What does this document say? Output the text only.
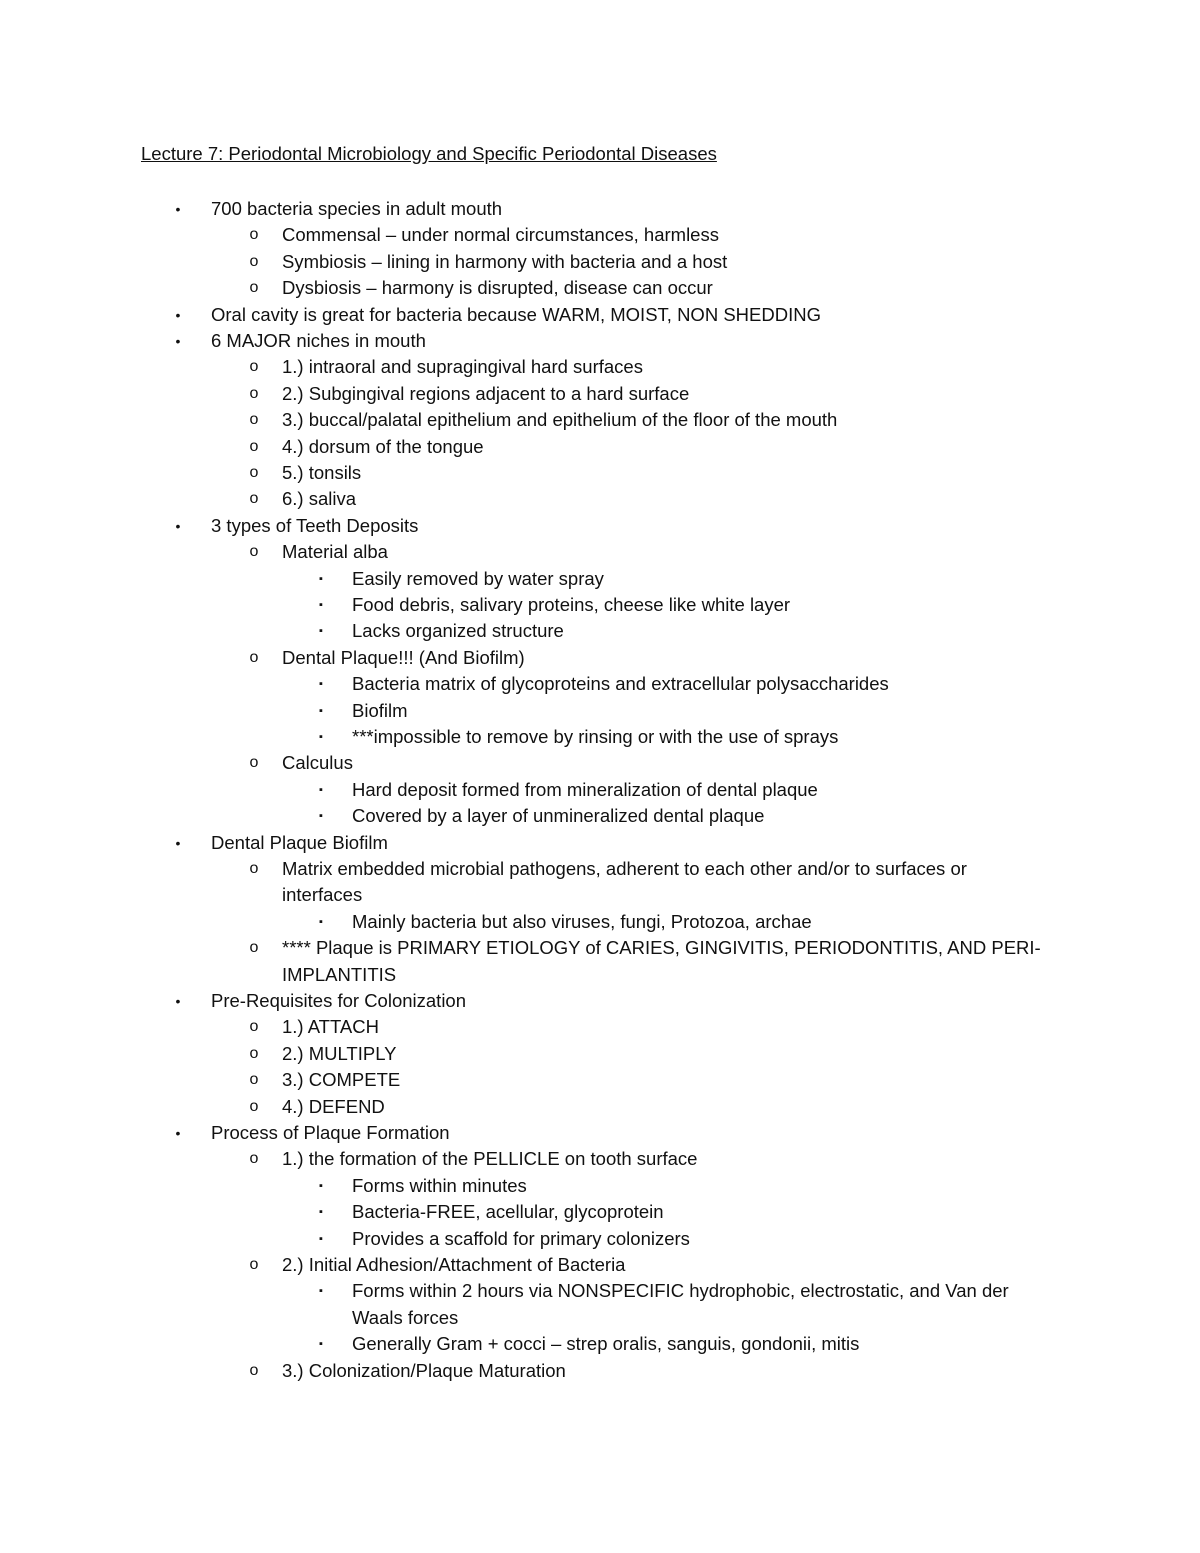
Lecture 7: Periodontal Microbiology and Specific Periodontal Diseases
•	700 bacteria species in adult mouth
o Commensal – under normal circumstances, harmless
o Symbiosis – lining in harmony with bacteria and a host
o Dysbiosis – harmony is disrupted, disease can occur
•	Oral cavity is great for bacteria because WARM, MOIST, NON SHEDDING
•	6 MAJOR niches in mouth
o 1.) intraoral and supragingival hard surfaces
o 2.) Subgingival regions adjacent to a hard surface
o 3.) buccal/palatal epithelium and epithelium of the floor of the mouth
o 4.) dorsum of the tongue
o 5.) tonsils
o 6.) saliva
•	3 types of Teeth Deposits
o Material alba
▪	Easily removed by water spray
▪	Food debris, salivary proteins, cheese like white layer
▪	Lacks organized structure
o Dental Plaque!!! (And Biofilm)
▪	Bacteria matrix of glycoproteins and extracellular polysaccharides
▪	Biofilm
▪	***impossible to remove by rinsing or with the use of sprays
o Calculus
▪	Hard deposit formed from mineralization of dental plaque
▪	Covered by a layer of unmineralized dental plaque
•	Dental Plaque Biofilm
o Matrix embedded microbial pathogens, adherent to each other and/or to surfaces or
interfaces
▪	Mainly bacteria but also viruses, fungi, Protozoa, archae
o **** Plaque is PRIMARY ETIOLOGY of CARIES, GINGIVITIS, PERIODONTITIS, AND PERI-
IMPLANTITIS
•	Pre-Requisites for Colonization
o 1.) ATTACH
o 2.) MULTIPLY
o 3.) COMPETE
o 4.) DEFEND
•	Process of Plaque Formation
o 1.) the formation of the PELLICLE on tooth surface
▪	Forms within minutes
▪	Bacteria-FREE, acellular, glycoprotein
▪	Provides a scaffold for primary colonizers
o 2.) Initial Adhesion/Attachment of Bacteria
▪	Forms within 2 hours via NONSPECIFIC hydrophobic, electrostatic, and Van der
Waals forces
▪	Generally Gram + cocci – strep oralis, sanguis, gondonii, mitis
o 3.) Colonization/Plaque Maturation
